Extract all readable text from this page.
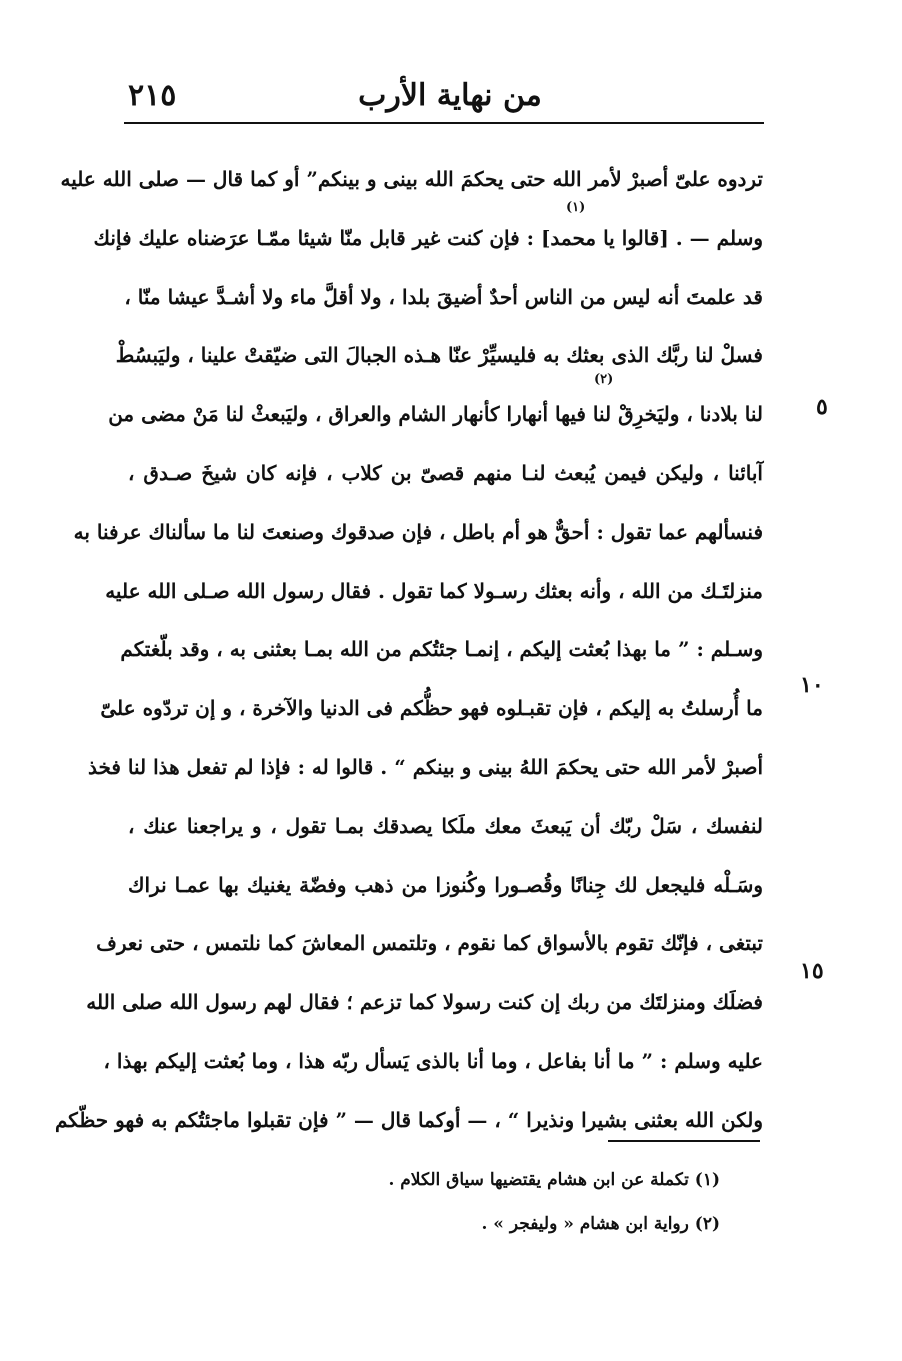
٢١٥	من نهاية الأرب
تردوه علىّ أصبرْ لأمر الله حتى يحكمَ الله بينى و بينكم” أو كما قال — صلى الله عليه
وسلم — . [قالوا يا محمد] : فإن كنت غير قابل منّا شيئا ممّـا عرَضناه عليك فإنك
قد علمتَ أنه ليس من الناس أحدٌ أضيقَ بلدا ، ولا أقلَّ ماء ولا أشـدَّ عيشا منّا ،
فسلْ لنا ربَّك الذى بعثك به فليسيِّرْ عنّا هـذه الجبالَ التى ضيّقتْ علينا ، وليَبسُطْ
لنا بلادنا ، وليَخرِقْ لنا فيها أنهارا كأنهار الشام والعراق ، وليَبعثْ لنا مَنْ مضى من
آبائنا ، وليكن فيمن يُبعث لنـا منهم قصىّ بن كلاب ، فإنه كان شيخَ صـدق ،
فنسألهم عما تقول : أحقٌّ هو أم باطل ، فإن صدقوك وصنعتَ لنا ما سألناك عرفنا به
منزلتَـك من الله ، وأنه بعثك رسـولا كما تقول . فقال رسول الله صـلى الله عليه
وسـلم : ” ما بهذا بُعثت إليكم ، إنمـا جئتُكم من الله بمـا بعثنى به ، وقد بلّغتكم
ما أُرسلتُ به إليكم ، فإن تقبـلوه فهو حظُّكم فى الدنيا والآخرة ، و إن تردّوه علىّ
أصبرْ لأمر الله حتى يحكمَ اللهُ بينى و بينكم “ . قالوا له : فإذا لم تفعل هذا لنا فخذ
لنفسك ، سَلْ ربّك أن يَبعثَ معك ملَكا يصدقك بمـا تقول ، و يراجعنا عنك ،
وسَـلْه فليجعل لك جِنانًا وقُصـورا وكُنوزا من ذهب وفضّة يغنيك بها عمـا نراك
تبتغى ، فإنّك تقوم بالأسواق كما نقوم ، وتلتمس المعاشَ كما نلتمس ، حتى نعرف
فضلَك ومنزلتَك من ربك إن كنت رسولا كما تزعم ؛ فقال لهم رسول الله صلى الله
عليه وسلم : ” ما أنا بفاعل ، وما أنا بالذى يَسأل ربّه هذا ، وما بُعثت إليكم بهذا ،
ولكن الله بعثنى بشيرا ونذيرا “ ، — أوكما قال — ” فإن تقبلوا ماجئتُكم به فهو حظّكم
(١)
(٢)
٥
١٠
١٥
(١) تكملة عن ابن هشام يقتضيها سياق الكلام .
(٢) رواية ابن هشام « وليفجر » .
